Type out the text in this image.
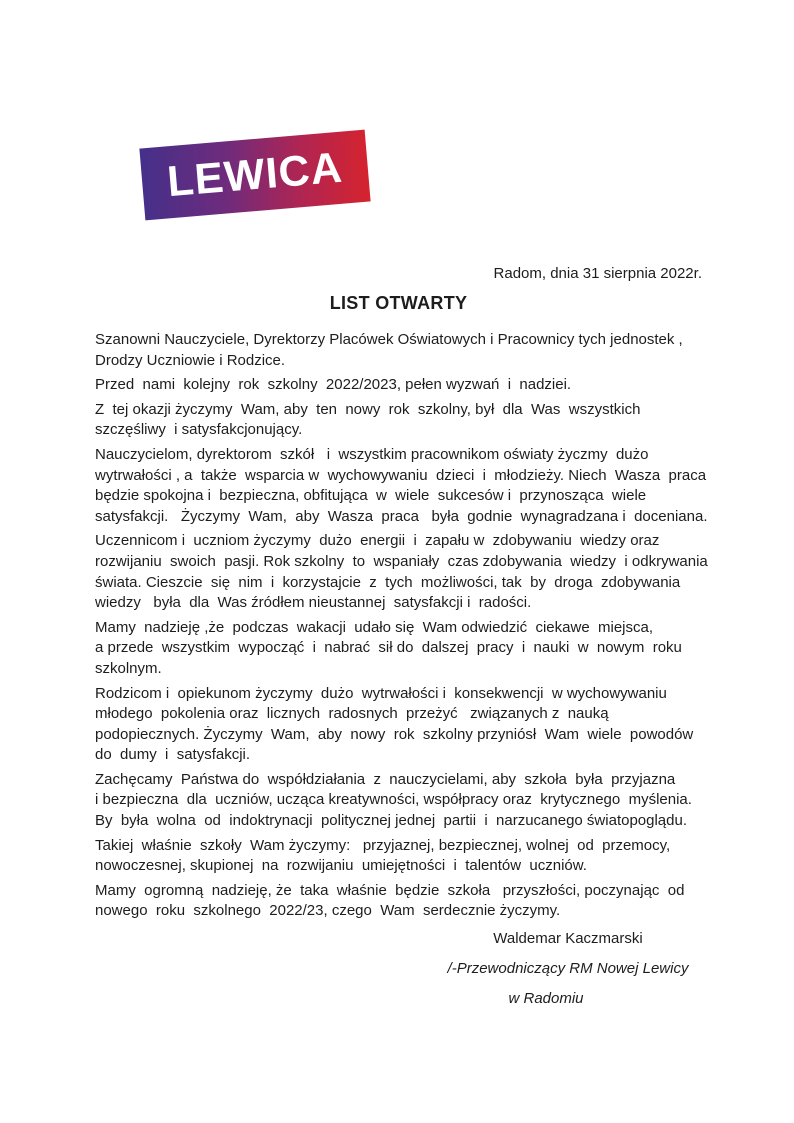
LEWICA
Radom, dnia 31 sierpnia 2022r.
LIST OTWARTY
Szanowni Nauczyciele, Dyrektorzy Placówek Oświatowych i Pracownicy tych jednostek ,
Drodzy Uczniowie i Rodzice.
Przed  nami  kolejny  rok  szkolny  2022/2023, pełen wyzwań  i  nadziei.
Z  tej okazji życzymy  Wam, aby  ten  nowy  rok  szkolny, był  dla  Was  wszystkich
szczęśliwy  i satysfakcjonujący.
Nauczycielom, dyrektorom  szkół   i  wszystkim pracownikom oświaty życzmy  dużo
wytrwałości , a  także  wsparcia w  wychowywaniu  dzieci  i  młodzieży. Niech  Wasza  praca
będzie spokojna i  bezpieczna, obfitująca  w  wiele  sukcesów i  przynosząca  wiele
satysfakcji.   Życzymy  Wam,  aby  Wasza  praca   była  godnie  wynagradzana i  doceniana.
Uczennicom i  uczniom życzymy  dużo  energii  i  zapału w  zdobywaniu  wiedzy oraz
rozwijaniu  swoich  pasji. Rok szkolny  to  wspaniały  czas zdobywania  wiedzy  i odkrywania
świata. Cieszcie  się  nim  i  korzystajcie  z  tych  możliwości, tak  by  droga  zdobywania
wiedzy   była  dla  Was źródłem nieustannej  satysfakcji i  radości.
Mamy  nadzieję ,że  podczas  wakacji  udało się  Wam odwiedzić  ciekawe  miejsca,
a przede  wszystkim  wypocząć  i  nabrać  sił do  dalszej  pracy  i  nauki  w  nowym  roku
szkolnym.
Rodzicom i  opiekunom życzymy  dużo  wytrwałości i  konsekwencji  w wychowywaniu
młodego  pokolenia oraz  licznych  radosnych  przeżyć   związanych z  nauką
podopiecznych. Życzymy  Wam,  aby  nowy  rok  szkolny przyniósł  Wam  wiele  powodów
do  dumy  i  satysfakcji.
Zachęcamy  Państwa do  współdziałania  z  nauczycielami, aby  szkoła  była  przyjazna
i bezpieczna  dla  uczniów, ucząca kreatywności, współpracy oraz  krytycznego  myślenia.
By  była  wolna  od  indoktrynacji  politycznej jednej  partii  i  narzucanego światopoglądu.
Takiej  właśnie  szkoły  Wam życzymy:   przyjaznej, bezpiecznej, wolnej  od  przemocy,
nowoczesnej, skupionej  na  rozwijaniu  umiejętności  i  talentów  uczniów.
Mamy  ogromną  nadzieję, że  taka  właśnie  będzie  szkoła   przyszłości, poczynając  od
nowego  roku  szkolnego  2022/23, czego  Wam  serdecznie życzymy.
Waldemar Kaczmarski
/-Przewodniczący RM Nowej Lewicy
w Radomiu
